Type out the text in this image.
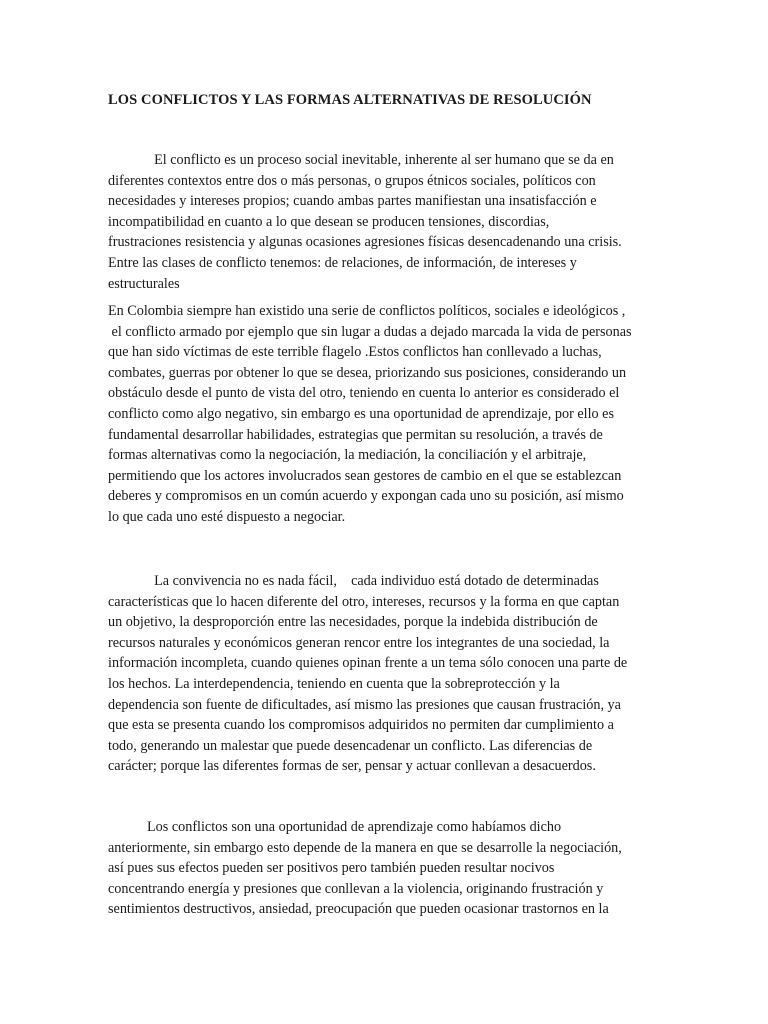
LOS CONFLICTOS Y LAS FORMAS ALTERNATIVAS DE RESOLUCIÓN
El conflicto es un proceso social inevitable, inherente al ser humano que se da en
diferentes contextos entre dos o más personas, o grupos étnicos sociales, políticos con
necesidades y intereses propios; cuando ambas partes manifiestan una insatisfacción e
incompatibilidad en cuanto a lo que desean se producen tensiones, discordias,
frustraciones resistencia y algunas ocasiones agresiones físicas desencadenando una crisis.
Entre las clases de conflicto tenemos: de relaciones, de información, de intereses y
estructurales
En Colombia siempre han existido una serie de conflictos políticos, sociales e ideológicos ,
el conflicto armado por ejemplo que sin lugar a dudas a dejado marcada la vida de personas
que han sido víctimas de este terrible flagelo .Estos conflictos han conllevado a luchas,
combates, guerras por obtener lo que se desea, priorizando sus posiciones, considerando un
obstáculo desde el punto de vista del otro, teniendo en cuenta lo anterior es considerado el
conflicto como algo negativo, sin embargo es una oportunidad de aprendizaje, por ello es
fundamental desarrollar habilidades, estrategias que permitan su resolución, a través de
formas alternativas como la negociación, la mediación, la conciliación y el arbitraje,
permitiendo que los actores involucrados sean gestores de cambio en el que se establezcan
deberes y compromisos en un común acuerdo y expongan cada uno su posición, así mismo
lo que cada uno esté dispuesto a negociar.
La convivencia no es nada fácil,    cada individuo está dotado de determinadas
características que lo hacen diferente del otro, intereses, recursos y la forma en que captan
un objetivo, la desproporción entre las necesidades, porque la indebida distribución de
recursos naturales y económicos generan rencor entre los integrantes de una sociedad, la
información incompleta, cuando quienes opinan frente a un tema sólo conocen una parte de
los hechos. La interdependencia, teniendo en cuenta que la sobreprotección y la
dependencia son fuente de dificultades, así mismo las presiones que causan frustración, ya
que esta se presenta cuando los compromisos adquiridos no permiten dar cumplimiento a
todo, generando un malestar que puede desencadenar un conflicto. Las diferencias de
carácter; porque las diferentes formas de ser, pensar y actuar conllevan a desacuerdos.
Los conflictos son una oportunidad de aprendizaje como habíamos dicho
anteriormente, sin embargo esto depende de la manera en que se desarrolle la negociación,
así pues sus efectos pueden ser positivos pero también pueden resultar nocivos
concentrando energía y presiones que conllevan a la violencia, originando frustración y
sentimientos destructivos, ansiedad, preocupación que pueden ocasionar trastornos en la
